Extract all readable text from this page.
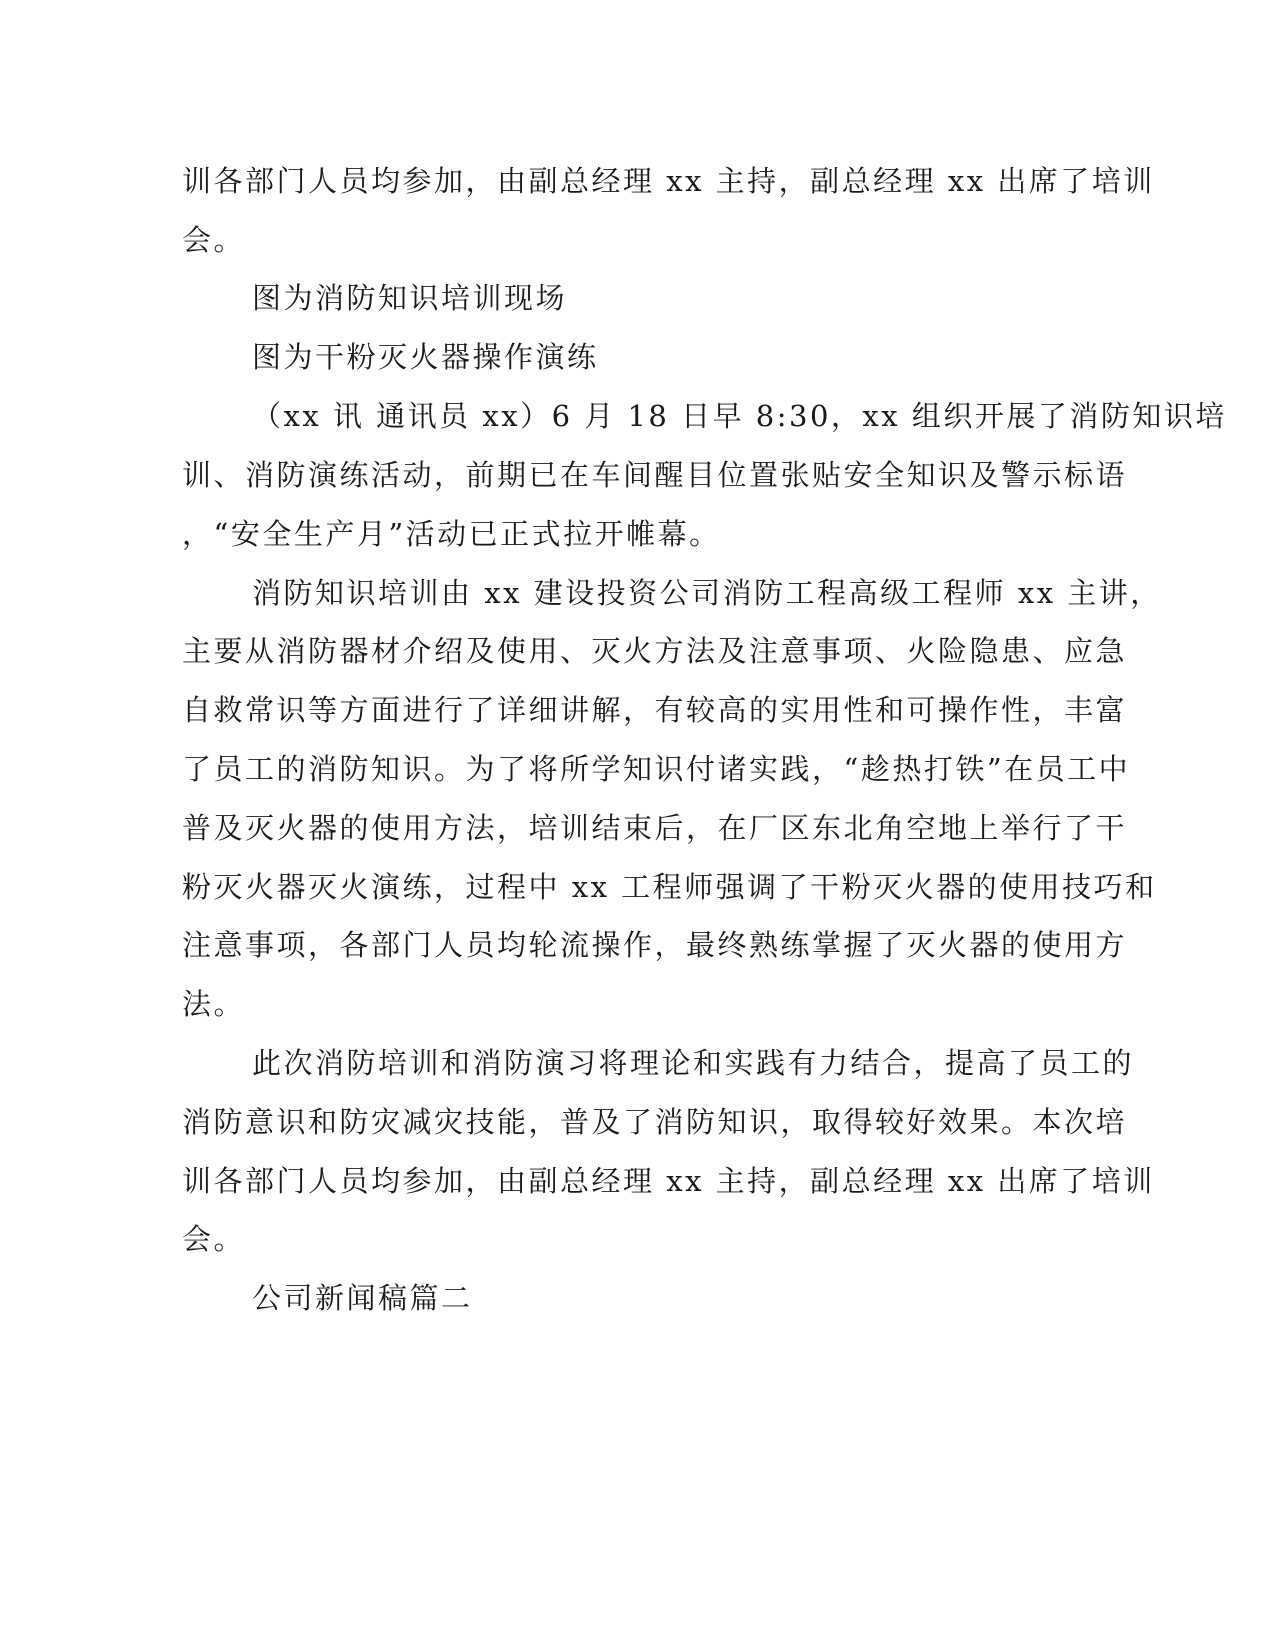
训各部门人员均参加，由副总经理 xx 主持，副总经理 xx 出席了培训
会。
图为消防知识培训现场
图为干粉灭火器操作演练
（xx 讯 通讯员 xx）6 月 18 日早 8:30，xx 组织开展了消防知识培
训、消防演练活动，前期已在车间醒目位置张贴安全知识及警示标语
，“安全生产月”活动已正式拉开帷幕。
消防知识培训由 xx 建设投资公司消防工程高级工程师 xx 主讲，
主要从消防器材介绍及使用、灭火方法及注意事项、火险隐患、应急
自救常识等方面进行了详细讲解，有较高的实用性和可操作性，丰富
了员工的消防知识。为了将所学知识付诸实践，“趁热打铁”在员工中
普及灭火器的使用方法，培训结束后，在厂区东北角空地上举行了干
粉灭火器灭火演练，过程中 xx 工程师强调了干粉灭火器的使用技巧和
注意事项，各部门人员均轮流操作，最终熟练掌握了灭火器的使用方
法。
此次消防培训和消防演习将理论和实践有力结合，提高了员工的
消防意识和防灾减灾技能，普及了消防知识，取得较好效果。本次培
训各部门人员均参加，由副总经理 xx 主持，副总经理 xx 出席了培训
会。
公司新闻稿篇二
